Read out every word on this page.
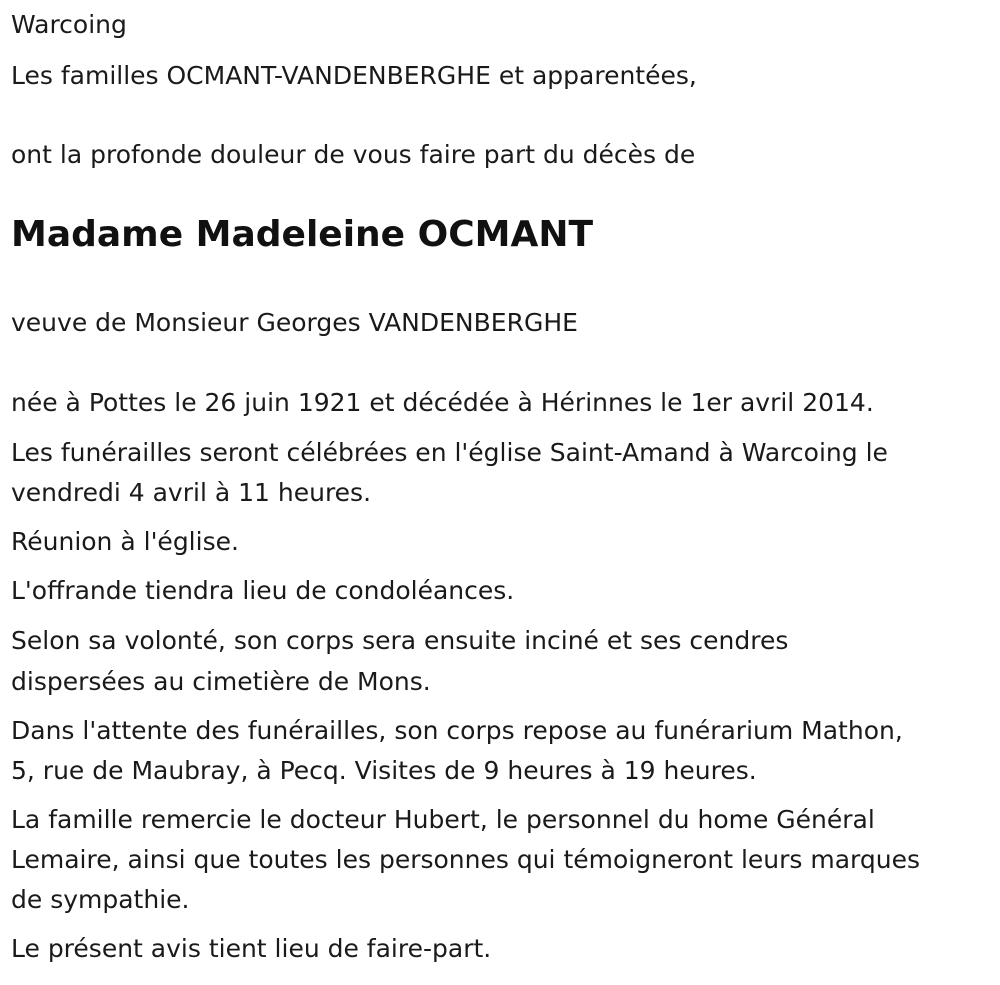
Warcoing

Les familles OCMANT-VANDENBERGHE et apparentées,

ont la profonde douleur de vous faire part du décès de

Madame Madeleine OCMANT

veuve de Monsieur Georges VANDENBERGHE

née à Pottes le 26 juin 1921 et décédée à Hérinnes le 1er avril 2014.

Les funérailles seront célébrées en l'église Saint-Amand à Warcoing le

vendredi 4 avril à 11 heures.

Réunion à l'église.

L'offrande tiendra lieu de condoléances.

Selon sa volonté, son corps sera ensuite inciné et ses cendres

dispersées au cimetière de Mons.

Dans l'attente des funérailles, son corps repose au funérarium Mathon,

5, rue de Maubray, à Pecq. Visites de 9 heures à 19 heures.

La famille remercie le docteur Hubert, le personnel du home Général

Lemaire, ainsi que toutes les personnes qui témoigneront leurs marques

de sympathie.

Le présent avis tient lieu de faire-part.
